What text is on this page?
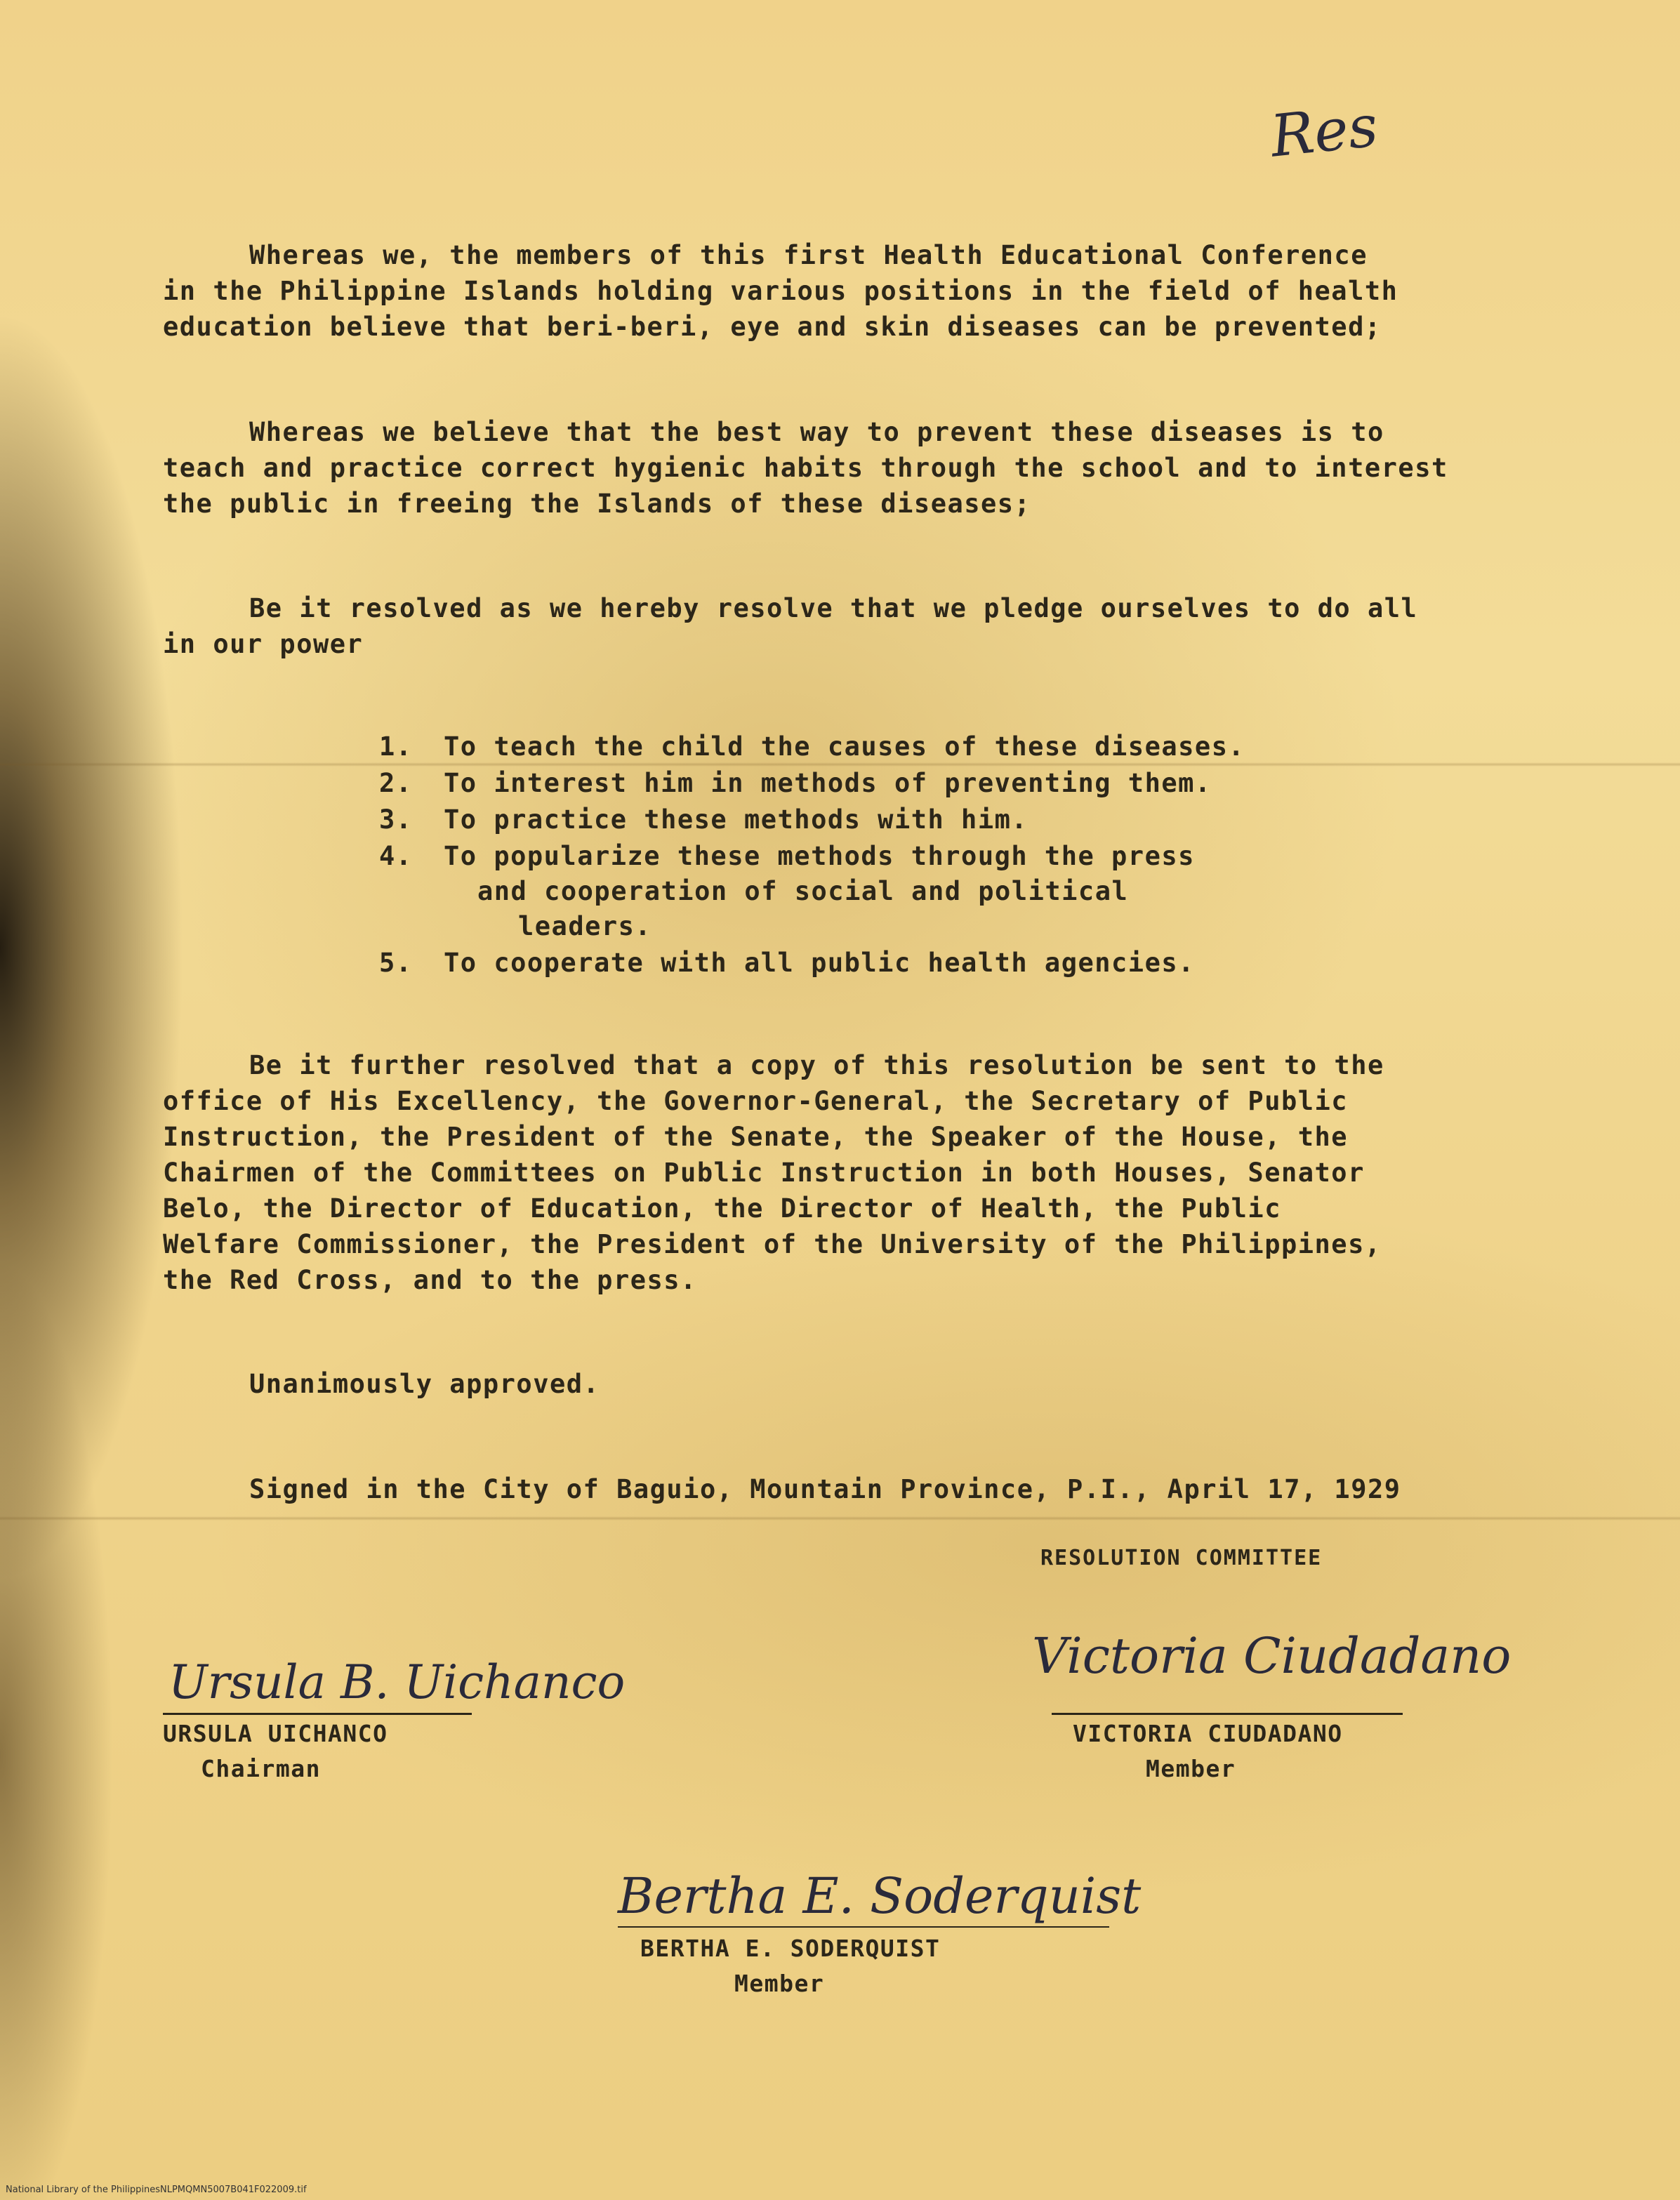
Res

Whereas we, the members of this first Health Educational Conference

in the Philippine Islands holding various positions in the field of health

education believe that beri-beri, eye and skin diseases can be prevented;

Whereas we believe that the best way to prevent these diseases is to

teach and practice correct hygienic habits through the school and to interest

the public in freeing the Islands of these diseases;

Be it resolved as we hereby resolve that we pledge ourselves to do all

in our power

1. To teach the child the causes of these diseases.

2. To interest him in methods of preventing them.

3. To practice these methods with him.

4. To popularize these methods through the press

and cooperation of social and political

leaders.

5. To cooperate with all public health agencies.

Be it further resolved that a copy of this resolution be sent to the

office of His Excellency, the Governor-General, the Secretary of Public

Instruction, the President of the Senate, the Speaker of the House, the

Chairmen of the Committees on Public Instruction in both Houses, Senator

Belo, the Director of Education, the Director of Health, the Public

Welfare Commissioner, the President of the University of the Philippines,

the Red Cross, and to the press.

Unanimously approved.

Signed in the City of Baguio, Mountain Province, P.I., April 17, 1929

RESOLUTION COMMITTEE

Ursula B. Uichanco

URSULA UICHANCO

Chairman

Victoria Ciudadano

VICTORIA CIUDADANO

Member

Bertha E. Soderquist

BERTHA E. SODERQUIST

Member

National Library of the Philippines NLPMQMN5007B041F022009.tif
